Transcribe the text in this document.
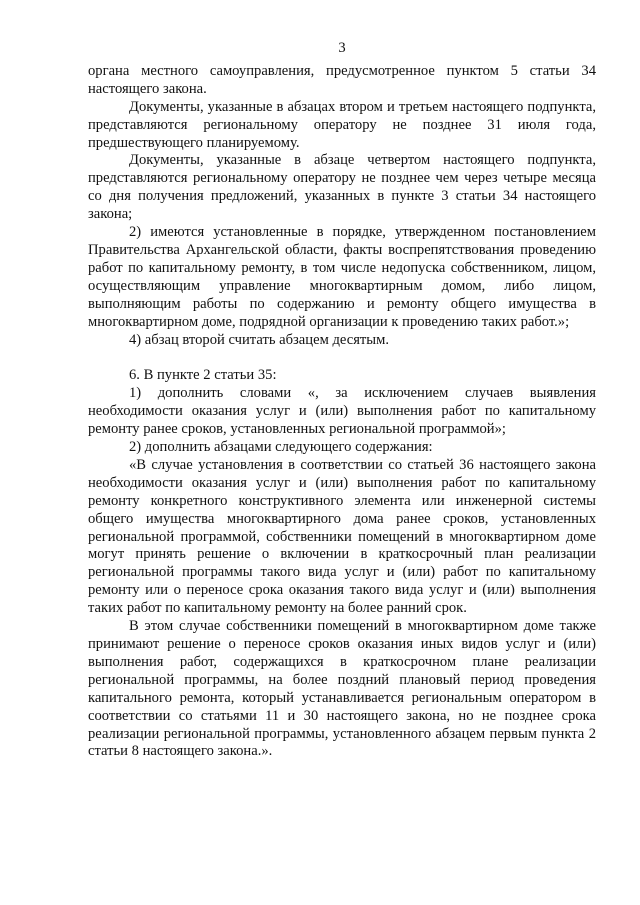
3

органа местного самоуправления, предусмотренное пунктом 5 статьи 34 настоящего закона.

Документы, указанные в абзацах втором и третьем настоящего подпункта, представляются региональному оператору не позднее 31 июля года, предшествующего планируемому.

Документы, указанные в абзаце четвертом настоящего подпункта, представляются региональному оператору не позднее чем через четыре месяца со дня получения предложений, указанных в пункте 3 статьи 34 настоящего закона;

2) имеются установленные в порядке, утвержденном постановлением Правительства Архангельской области, факты воспрепятствования проведению работ по капитальному ремонту, в том числе недопуска собственником, лицом, осуществляющим управление многоквартирным домом, либо лицом, выполняющим работы по содержанию и ремонту общего имущества в многоквартирном доме, подрядной организации к проведению таких работ.»;

4) абзац второй считать абзацем десятым.

6. В пункте 2 статьи 35:

1) дополнить словами «, за исключением случаев выявления необходимости оказания услуг и (или) выполнения работ по капитальному ремонту ранее сроков, установленных региональной программой»;

2) дополнить абзацами следующего содержания:

«В случае установления в соответствии со статьей 36 настоящего закона необходимости оказания услуг и (или) выполнения работ по капитальному ремонту конкретного конструктивного элемента или инженерной системы общего имущества многоквартирного дома ранее сроков, установленных региональной программой, собственники помещений в многоквартирном доме могут принять решение о включении в краткосрочный план реализации региональной программы такого вида услуг и (или) работ по капитальному ремонту или о переносе срока оказания такого вида услуг и (или) выполнения таких работ по капитальному ремонту на более ранний срок.

В этом случае собственники помещений в многоквартирном доме также принимают решение о переносе сроков оказания иных видов услуг и (или) выполнения работ, содержащихся в краткосрочном плане реализации региональной программы, на более поздний плановый период проведения капитального ремонта, который устанавливается региональным оператором в соответствии со статьями 11 и 30 настоящего закона, но не позднее срока реализации региональной программы, установленного абзацем первым пункта 2 статьи 8 настоящего закона.».
